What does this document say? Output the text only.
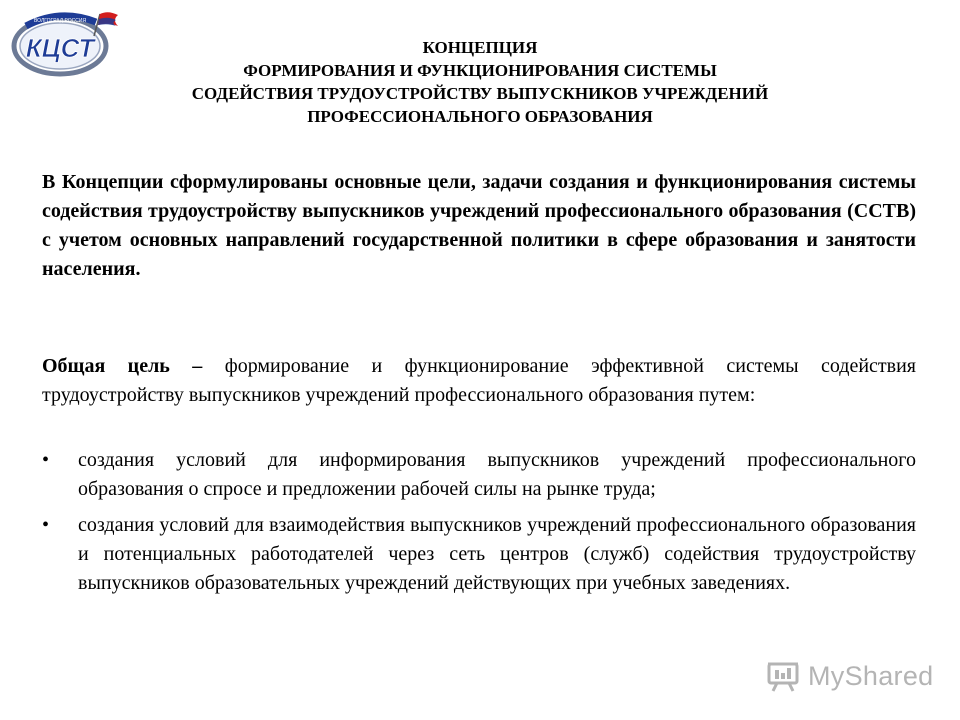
ВОЛГОГРАД РОССИЯ
КЦСТ	КОНЦЕПЦИЯ
ФОРМИРОВАНИЯ И ФУНКЦИОНИРОВАНИЯ СИСТЕМЫ
СОДЕЙСТВИЯ ТРУДОУСТРОЙСТВУ ВЫПУСКНИКОВ УЧРЕЖДЕНИЙ
ПРОФЕССИОНАЛЬНОГО ОБРАЗОВАНИЯ
В Концепции сформулированы основные цели, задачи создания и функционирования системы содействия трудоустройству выпускников учреждений профессионального образования (ССТВ) с учетом основных направлений государственной политики в сфере образования и занятости населения.
Общая цель – формирование и функционирование эффективной системы содействия трудоустройству выпускников учреждений профессионального образования путем:
• создания условий для информирования выпускников учреждений профессионального образования о спросе и предложении рабочей силы на рынке труда;
• создания условий для взаимодействия выпускников учреждений профессионального образования и потенциальных работодателей через сеть центров (служб) содействия трудоустройству выпускников образовательных учреждений действующих при учебных заведениях.
MyShared
